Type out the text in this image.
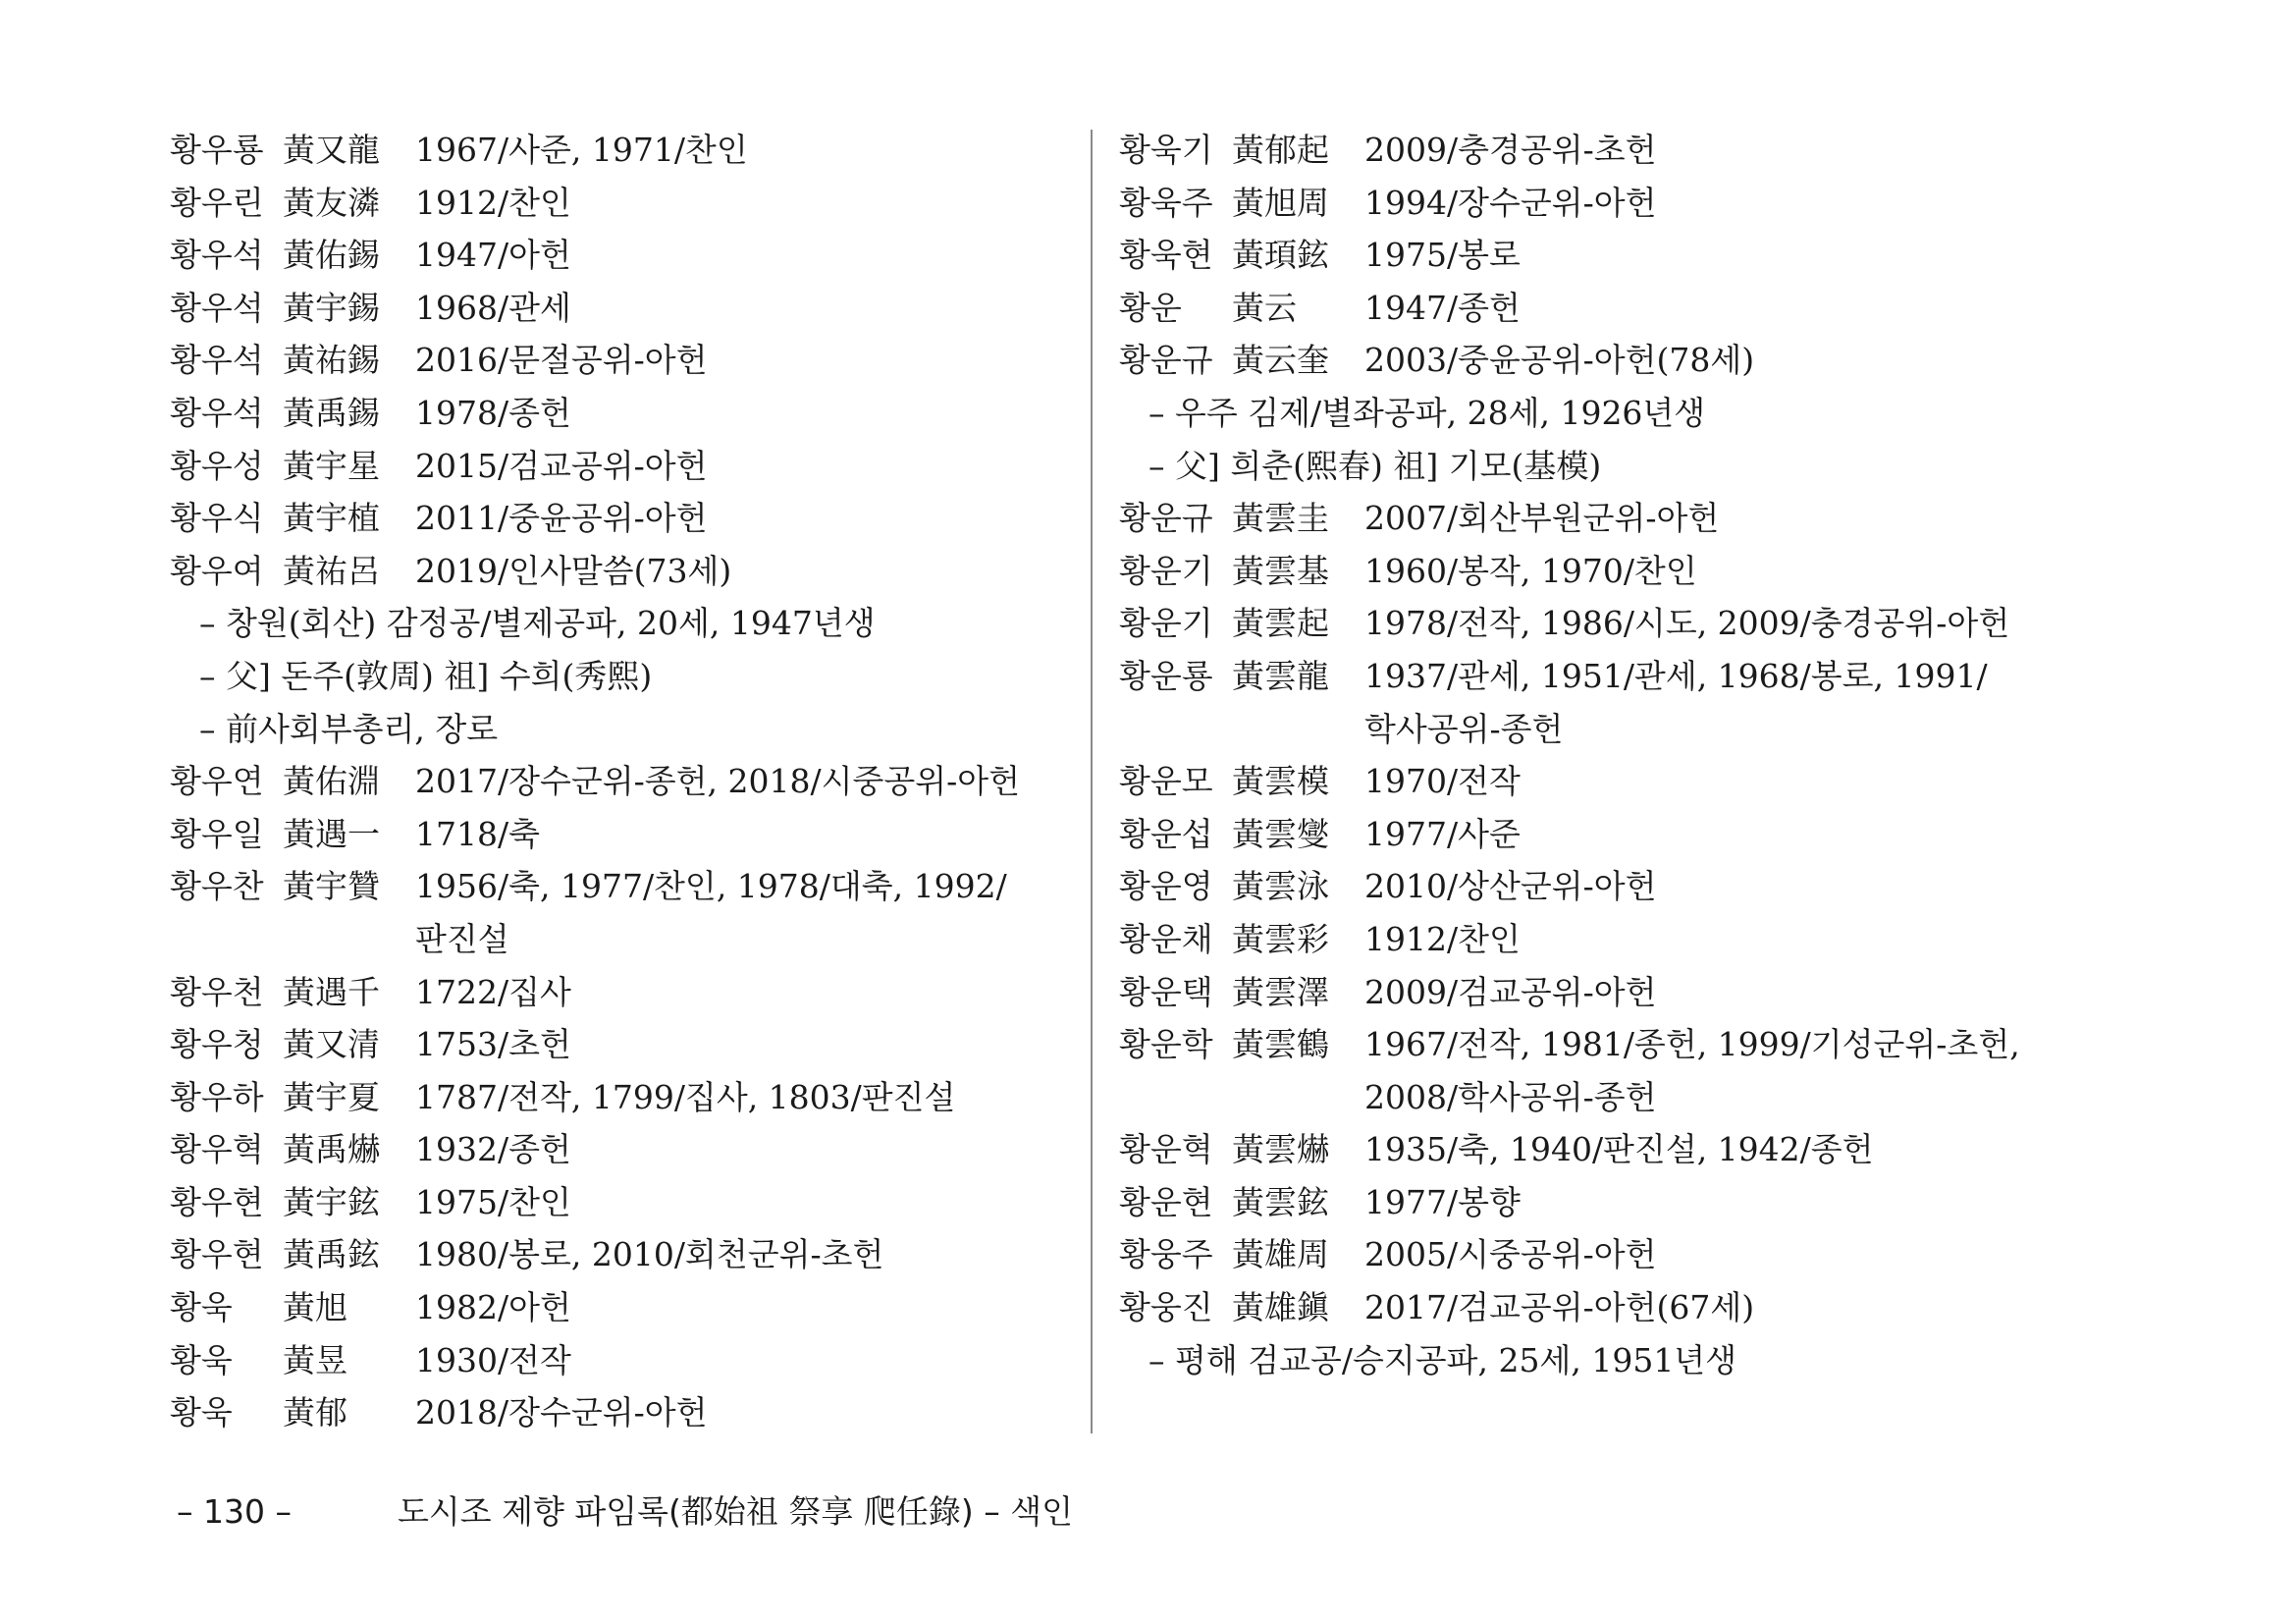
황우룡 黃又龍	1967/사준, 1971/찬인
황우린 黃友潾	1912/찬인
황우석 黃佑錫	1947/아헌
황우석 黃宇錫	1968/관세
황우석 黃祐錫	2016/문절공위-아헌
황우석 黃禹錫	1978/종헌
황우성 黃宇星	2015/검교공위-아헌
황우식 黃宇植	2011/중윤공위-아헌
황우여 黃祐呂	2019/인사말씀(73세)
– 창원(회산) 감정공/별제공파, 20세, 1947년생
– 父] 돈주(敦周) 祖] 수희(秀熙)
– 前사회부총리, 장로
황우연 黃佑淵	2017/장수군위-종헌, 2018/시중공위-아헌
황우일 黃遇一	1718/축
황우찬 黃宇贊	1956/축, 1977/찬인, 1978/대축, 1992/판진설
황우천 黃遇千	1722/집사
황우청 黃又清	1753/초헌
황우하 黃宇夏	1787/전작, 1799/집사, 1803/판진설
황우혁 黃禹爀	1932/종헌
황우현 黃宇鉉	1975/찬인
황우현 黃禹鉉	1980/봉로, 2010/회천군위-초헌
황욱	黃旭	1982/아헌
황욱	黃昱	1930/전작
황욱	黃郁	2018/장수군위-아헌
황욱기 黃郁起	2009/충경공위-초헌
황욱주 黃旭周	1994/장수군위-아헌
황욱현 黃頊鉉	1975/봉로
황운	黃云	1947/종헌
황운규 黃云奎	2003/중윤공위-아헌(78세)
– 우주 김제/별좌공파, 28세, 1926년생
– 父] 희춘(熙春) 祖] 기모(基模)
황운규 黃雲圭	2007/회산부원군위-아헌
황운기 黃雲基	1960/봉작, 1970/찬인
황운기 黃雲起	1978/전작, 1986/시도, 2009/충경공위-아헌
황운룡 黃雲龍	1937/관세, 1951/관세, 1968/봉로, 1991/학사공위-종헌
황운모 黃雲模	1970/전작
황운섭 黃雲燮	1977/사준
황운영 黃雲泳	2010/상산군위-아헌
황운채 黃雲彩	1912/찬인
황운택 黃雲澤	2009/검교공위-아헌
황운학 黃雲鶴	1967/전작, 1981/종헌, 1999/기성군위-초헌, 2008/학사공위-종헌
황운혁 黃雲爀	1935/축, 1940/판진설, 1942/종헌
황운현 黃雲鉉	1977/봉향
황웅주 黃雄周	2005/시중공위-아헌
황웅진 黃雄鎭	2017/검교공위-아헌(67세)
– 평해 검교공/승지공파, 25세, 1951년생
– 130 –	도시조 제향 파임록(都始祖 祭享 爬任錄) – 색인
